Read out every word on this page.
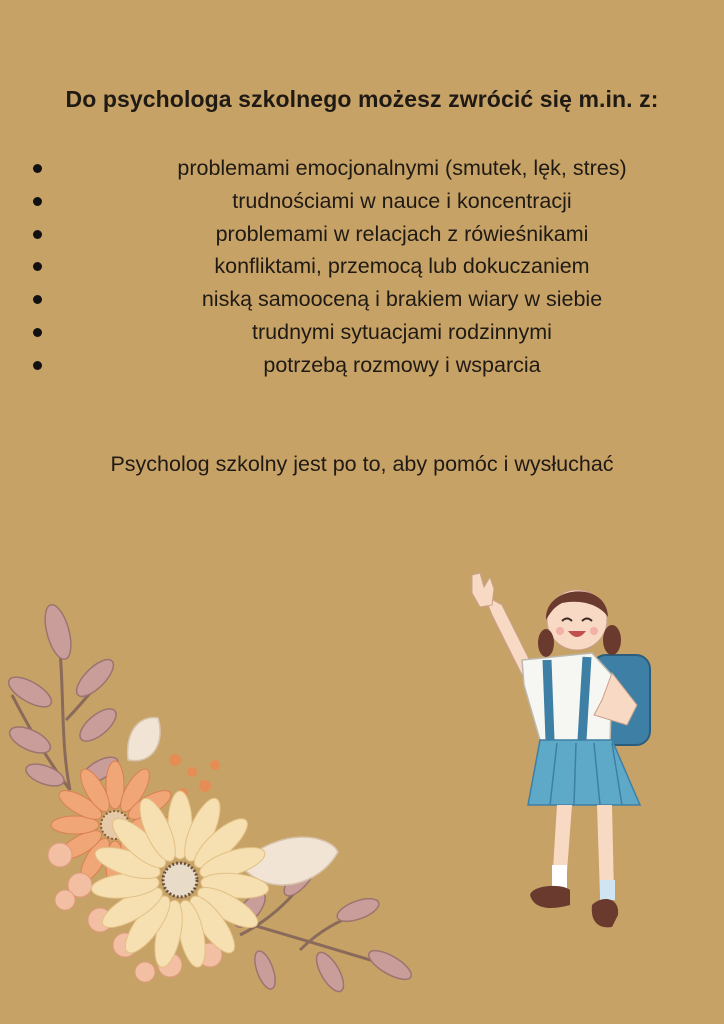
Do psychologa szkolnego możesz zwrócić się m.in. z:
problemami emocjonalnymi (smutek, lęk, stres)
trudnościami w nauce i koncentracji
problemami w relacjach z rówieśnikami
konfliktami, przemocą lub dokuczaniem
niską samooceną i brakiem wiary w siebie
trudnymi sytuacjami rodzinnymi
potrzebą rozmowy i wsparcia
Psycholog szkolny jest po to, aby pomóc i wysłuchać
